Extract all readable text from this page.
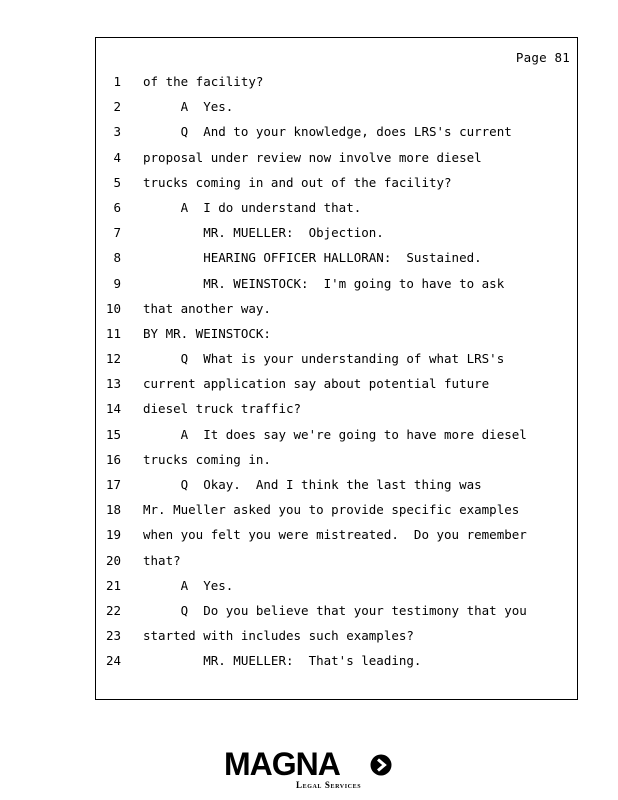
Page 81
1 of the facility?
2 A  Yes.
3 Q  And to your knowledge, does LRS's current
4 proposal under review now involve more diesel
5 trucks coming in and out of the facility?
6 A  I do understand that.
7 MR. MUELLER:  Objection.
8 HEARING OFFICER HALLORAN:  Sustained.
9 MR. WEINSTOCK:  I'm going to have to ask
10 that another way.
11 BY MR. WEINSTOCK:
12 Q  What is your understanding of what LRS's
13 current application say about potential future
14 diesel truck traffic?
15 A  It does say we're going to have more diesel
16 trucks coming in.
17 Q  Okay.  And I think the last thing was
18 Mr. Mueller asked you to provide specific examples
19 when you felt you were mistreated.  Do you remember
20 that?
21 A  Yes.
22 Q  Do you believe that your testimony that you
23 started with includes such examples?
24 MR. MUELLER:  That's leading.
MAGNA
Legal Services
